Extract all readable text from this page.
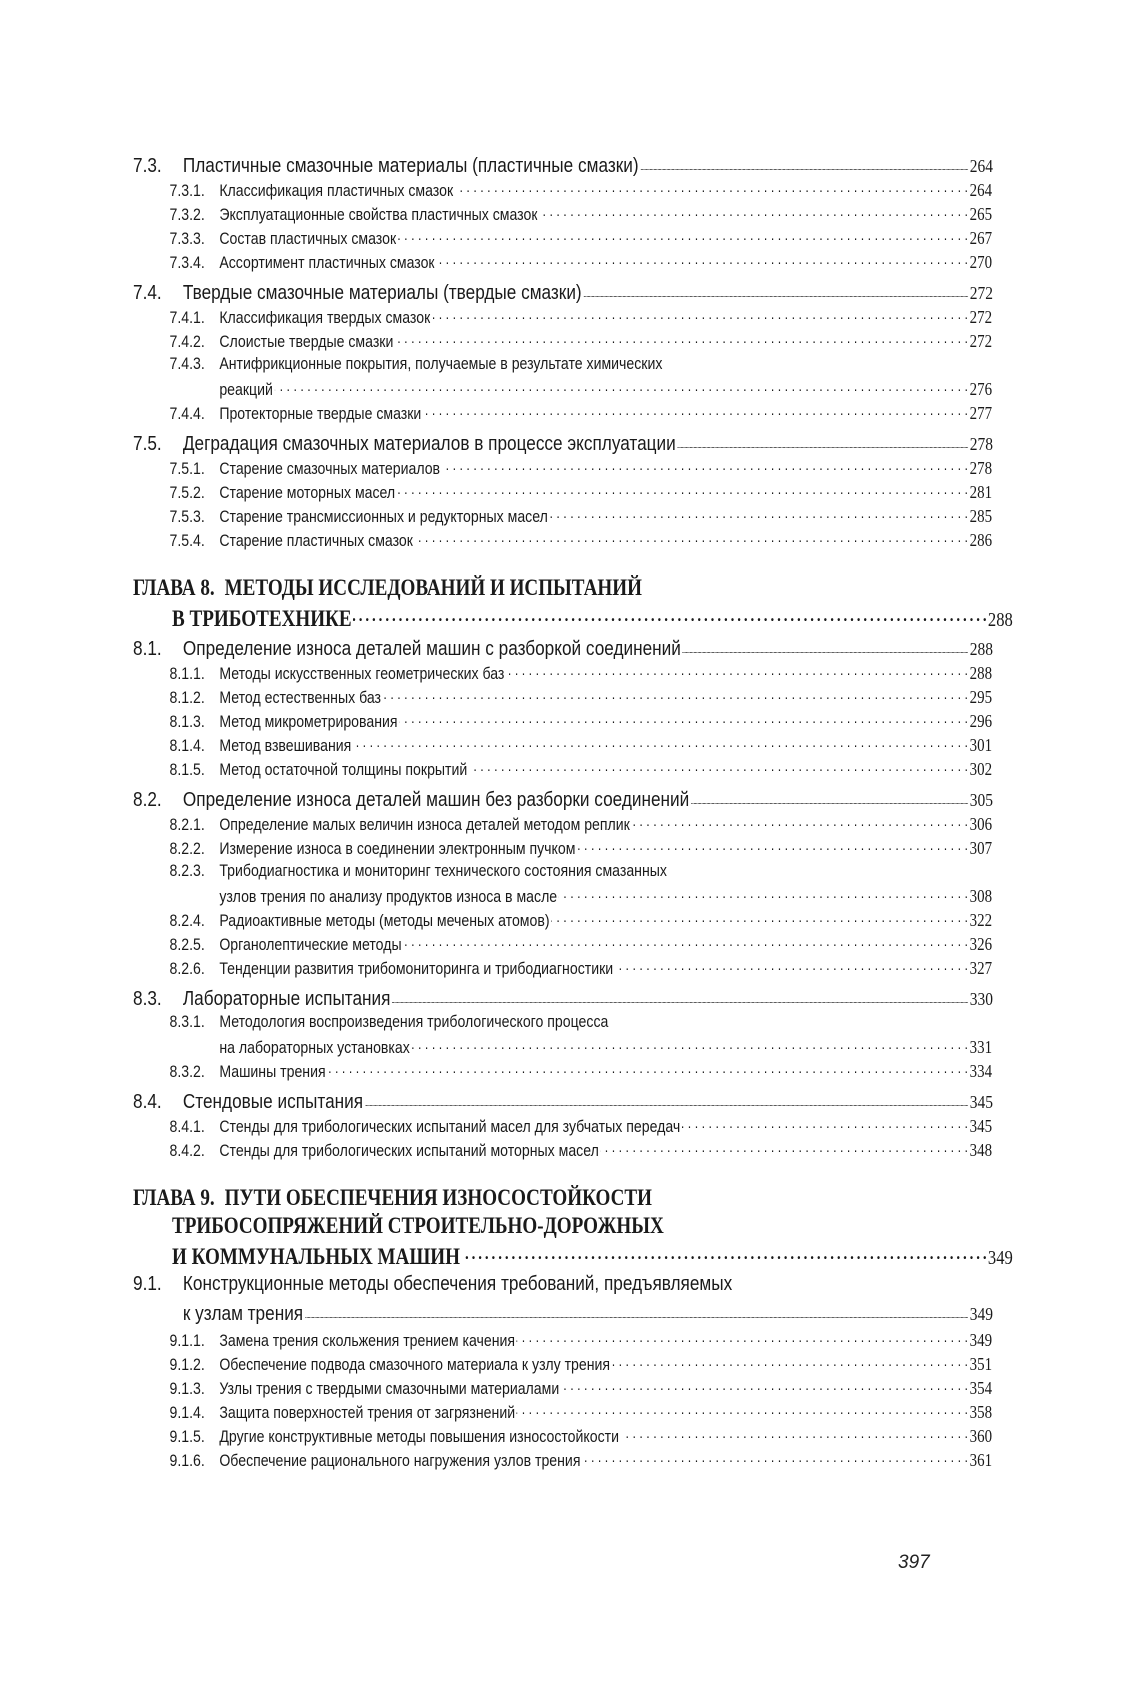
7.3.	Пластичные смазочные материалы (пластичные смазки) .....	264
7.3.1. Классификация пластичных смазок . . .	264
7.3.2. Эксплуатационные свойства пластичных смазок . . .	265
7.3.3. Состав пластичных смазок . . .	267
7.3.4. Ассортимент пластичных смазок . . .	270
7.4.	Твердые смазочные материалы (твердые смазки) .....	272
7.4.1. Классификация твердых смазок . . .	272
7.4.2. Слоистые твердые смазки . . .	272
7.4.3. Антифрикционные покрытия, получаемые в результате химических
реакций . . .	276
7.4.4. Протекторные твердые смазки . . .	277
7.5.	Деградация смазочных материалов в процессе эксплуатации .....	278
7.5.1. Старение смазочных материалов . . .	278
7.5.2. Старение моторных масел . . .	281
7.5.3. Старение трансмиссионных и редукторных масел . . .	285
7.5.4. Старение пластичных смазок . . .	286
ГЛАВА 8. МЕТОДЫ ИССЛЕДОВАНИЙ И ИСПЫТАНИЙ
В ТРИБОТЕХНИКЕ . . .	288
8.1.	Определение износа деталей машин с разборкой соединений .....	288
8.1.1. Методы искусственных геометрических баз . . .	288
8.1.2. Метод естественных баз . . .	295
8.1.3. Метод микрометрирования . . .	296
8.1.4. Метод взвешивания . . .	301
8.1.5. Метод остаточной толщины покрытий . . .	302
8.2.	Определение износа деталей машин без разборки соединений .....	305
8.2.1. Определение малых величин износа деталей методом реплик . . .	306
8.2.2. Измерение износа в соединении электронным пучком . . .	307
8.2.3. Трибодиагностика и мониторинг технического состояния смазанных
узлов трения по анализу продуктов износа в масле . . .	308
8.2.4. Радиоактивные методы (методы меченых атомов) . . .	322
8.2.5. Органолептические методы . . .	326
8.2.6. Тенденции развития трибомониторинга и трибодиагностики . . .	327
8.3.	Лабораторные испытания .....	330
8.3.1. Методология воспроизведения трибологического процесса
на лабораторных установках . . .	331
8.3.2. Машины трения . . .	334
8.4.	Стендовые испытания .....	345
8.4.1. Стенды для трибологических испытаний масел для зубчатых передач . . .	345
8.4.2. Стенды для трибологических испытаний моторных масел . . .	348
ГЛАВА 9. ПУТИ ОБЕСПЕЧЕНИЯ ИЗНОСОСТОЙКОСТИ
ТРИБОСОПРЯЖЕНИЙ СТРОИТЕЛЬНО-ДОРОЖНЫХ
И КОММУНАЛЬНЫХ МАШИН . . .	349
9.1.	Конструкционные методы обеспечения требований, предъявляемых
к узлам трения .....	349
9.1.1. Замена трения скольжения трением качения . . .	349
9.1.2. Обеспечение подвода смазочного материала к узлу трения . . .	351
9.1.3. Узлы трения с твердыми смазочными материалами . . .	354
9.1.4. Защита поверхностей трения от загрязнений . . .	358
9.1.5. Другие конструктивные методы повышения износостойкости . . .	360
9.1.6. Обеспечение рационального нагружения узлов трения . . .	361
397
